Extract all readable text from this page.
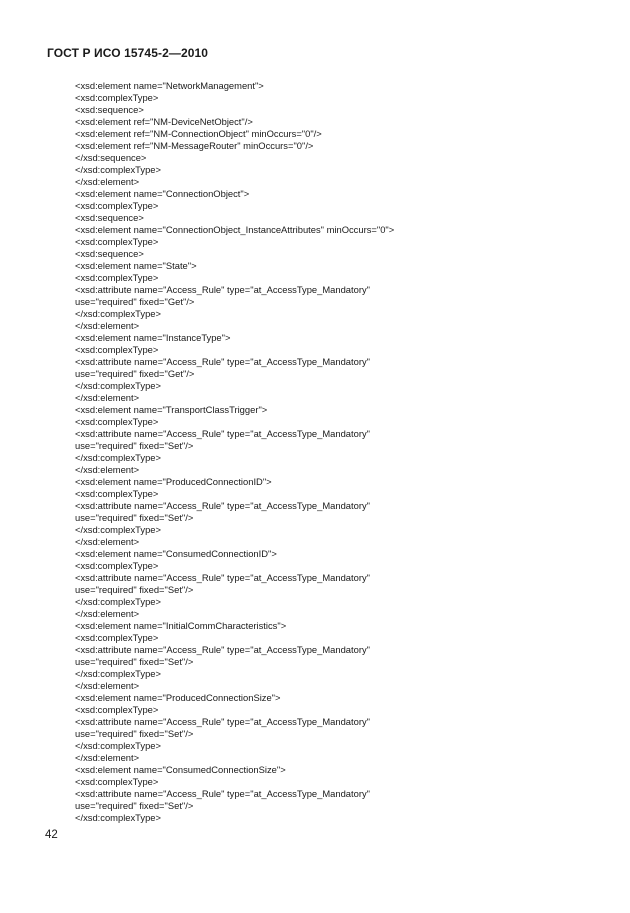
ГОСТ Р ИСО 15745-2—2010
<xsd:element name="NetworkManagement">
<xsd:complexType>
<xsd:sequence>
<xsd:element ref="NM-DeviceNetObject"/>
<xsd:element ref="NM-ConnectionObject" minOccurs="0"/>
<xsd:element ref="NM-MessageRouter" minOccurs="0"/>
</xsd:sequence>
</xsd:complexType>
</xsd:element>
<xsd:element name="ConnectionObject">
<xsd:complexType>
<xsd:sequence>
<xsd:element name="ConnectionObject_InstanceAttributes" minOccurs="0">
<xsd:complexType>
<xsd:sequence>
<xsd:element name="State">
<xsd:complexType>
<xsd:attribute name="Access_Rule" type="at_AccessType_Mandatory"
use="required" fixed="Get"/>
</xsd:complexType>
</xsd:element>
<xsd:element name="InstanceType">
<xsd:complexType>
<xsd:attribute name="Access_Rule" type="at_AccessType_Mandatory"
use="required" fixed="Get"/>
</xsd:complexType>
</xsd:element>
<xsd:element name="TransportClassTrigger">
<xsd:complexType>
<xsd:attribute name="Access_Rule" type="at_AccessType_Mandatory"
use="required" fixed="Set"/>
</xsd:complexType>
</xsd:element>
<xsd:element name="ProducedConnectionID">
<xsd:complexType>
<xsd:attribute name="Access_Rule" type="at_AccessType_Mandatory"
use="required" fixed="Set"/>
</xsd:complexType>
</xsd:element>
<xsd:element name="ConsumedConnectionID">
<xsd:complexType>
<xsd:attribute name="Access_Rule" type="at_AccessType_Mandatory"
use="required" fixed="Set"/>
</xsd:complexType>
</xsd:element>
<xsd:element name="InitialCommCharacteristics">
<xsd:complexType>
<xsd:attribute name="Access_Rule" type="at_AccessType_Mandatory"
use="required" fixed="Set"/>
</xsd:complexType>
</xsd:element>
<xsd:element name="ProducedConnectionSize">
<xsd:complexType>
<xsd:attribute name="Access_Rule" type="at_AccessType_Mandatory"
use="required" fixed="Set"/>
</xsd:complexType>
</xsd:element>
<xsd:element name="ConsumedConnectionSize">
<xsd:complexType>
<xsd:attribute name="Access_Rule" type="at_AccessType_Mandatory"
use="required" fixed="Set"/>
</xsd:complexType>
42
